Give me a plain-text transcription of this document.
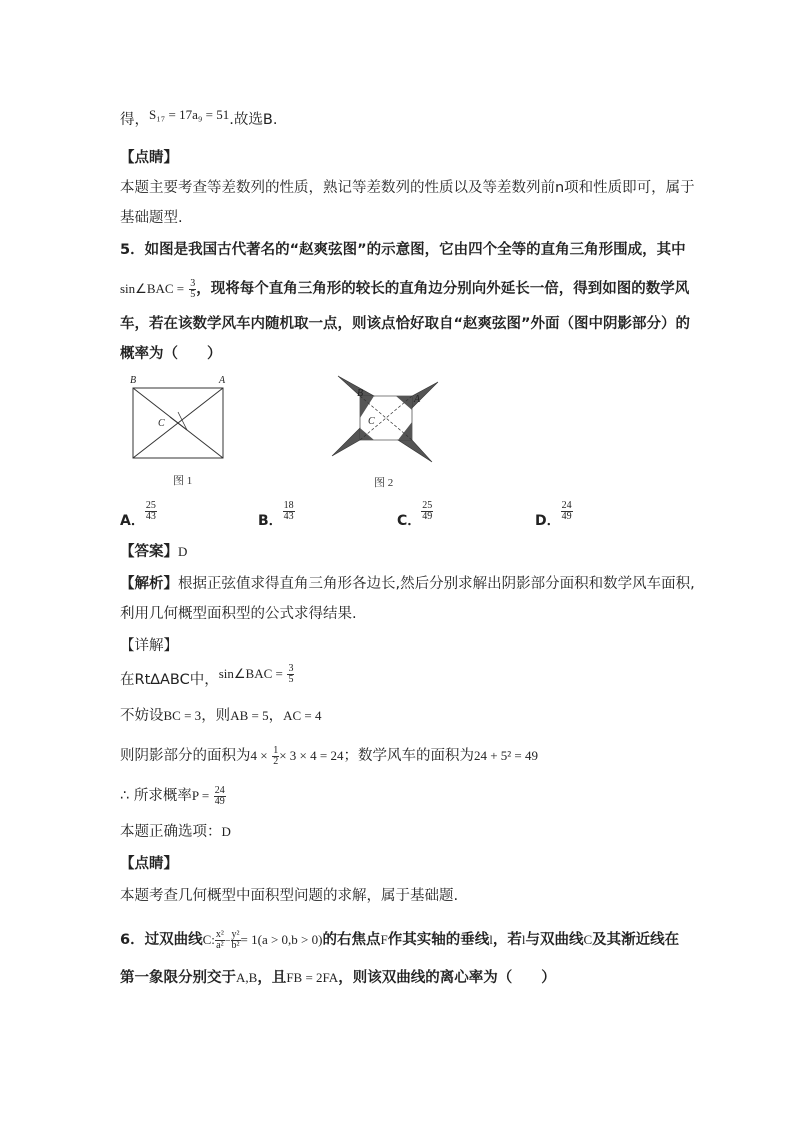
得，S₁₇ = 17a₉ = 51.故选B.
【点睛】
本题主要考查等差数列的性质，熟记等差数列的性质以及等差数列前n项和性质即可，属于
基础题型.
5．如图是我国古代著名的“赵爽弦图”的示意图，它由四个全等的直角三角形围成，其中
sin∠BAC = $\frac{3}{5}$ ，现将每个直角三角形的较长的直角边分别向外延长一倍，得到如图的数学风
车，若在该数学风车内随机取一点，则该点恰好取自“赵爽弦图”外面（图中阴影部分）的
概率为（　　）
B	A
C
图 1
B
A
C
图 2
A． $\frac{25}{43}$	B． $\frac{18}{43}$	C． $\frac{25}{49}$	D． $\frac{24}{49}$
【答案】D
【解析】根据正弦值求得直角三角形各边长,然后分别求解出阴影部分面积和数学风车面积,
利用几何概型面积型的公式求得结果.
【详解】
在Rt∆ABC中，sin∠BAC = $\frac{3}{5}$
不妨设BC = 3，则AB = 5，AC = 4
则阴影部分的面积为$4 \times \frac{1}{2} \times 3 \times 4 = 24$；数学风车的面积为24 + 5² = 49
∴ 所求概率$P = \frac{24}{49}$
本题正确选项：D
【点睛】
本题考查几何概型中面积型问题的求解，属于基础题.
6．过双曲线C: $\frac{\text{x²}}{\text{a²}} - \frac{\text{y²}}{\text{b²}} = 1(a > 0,b > 0)$的右焦点F作其实轴的垂线l，若l与双曲线C及其渐近线在
第一象限分别交于A,B，且FB = 2FA，则该双曲线的离心率为（　　）
